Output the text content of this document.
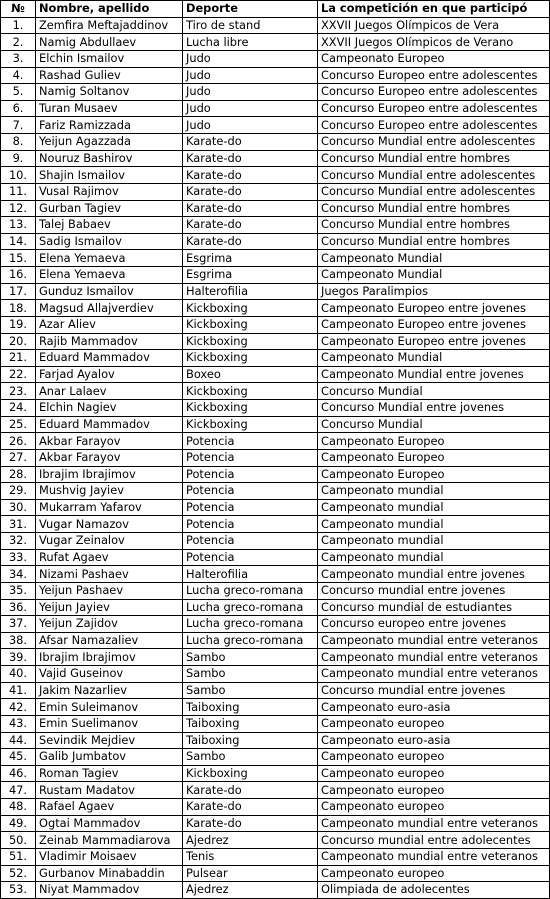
№	Nombre, apellido	Deporte	La competición en que participó
1.	Zemfira Meftajaddinov	Tiro de stand	XXVII Juegos Olímpicos de Vera
2.	Namig Abdullaev	Lucha libre	XXVII Juegos Olímpicos de Verano
3.	Elchin Ismailov	Judo	Campeonato Europeo
4.	Rashad Guliev	Judo	Concurso Europeo entre adolescentes
5.	Namig Soltanov	Judo	Concurso Europeo entre adolescentes
6.	Turan Musaev	Judo	Concurso Europeo entre adolescentes
7.	Fariz Ramizzada	Judo	Concurso Europeo entre adolescentes
8.	Yeijun Agazzada	Karate-do	Concurso Mundial entre adolescentes
9.	Nouruz Bashirov	Karate-do	Concurso Mundial entre hombres
10.	Shajin Ismailov	Karate-do	Concurso Mundial entre adolescentes
11.	Vusal Rajimov	Karate-do	Concurso Mundial entre adolescentes
12.	Gurban Tagiev	Karate-do	Concurso Mundial entre hombres
13.	Talej Babaev	Karate-do	Concurso Mundial entre hombres
14.	Sadig Ismailov	Karate-do	Concurso Mundial entre hombres
15.	Elena Yemaeva	Esgrima	Campeonato Mundial
16.	Elena Yemaeva	Esgrima	Campeonato Mundial
17.	Gunduz Ismailov	Halterofilia	Juegos Paralimpios
18.	Magsud Allajverdiev	Kickboxing	Campeonato Europeo entre jovenes
19.	Azar Aliev	Kickboxing	Campeonato Europeo entre jovenes
20.	Rajib Mammadov	Kickboxing	Campeonato Europeo entre jovenes
21.	Eduard Mammadov	Kickboxing	Campeonato Mundial
22.	Farjad Ayalov	Boxeo	Campeonato Mundial entre jovenes
23.	Anar Lalaev	Kickboxing	Concurso Mundial
24.	Elchin Nagiev	Kickboxing	Concurso Mundial entre jovenes
25.	Eduard Mammadov	Kickboxing	Concurso Mundial
26.	Akbar Farayov	Potencia	Campeonato Europeo
27.	Akbar Farayov	Potencia	Campeonato Europeo
28.	Ibrajim Ibrajimov	Potencia	Campeonato Europeo
29.	Mushvig Jayiev	Potencia	Campeonato mundial
30.	Mukarram Yafarov	Potencia	Campeonato mundial
31.	Vugar Namazov	Potencia	Campeonato mundial
32.	Vugar Zeinalov	Potencia	Campeonato mundial
33.	Rufat Agaev	Potencia	Campeonato mundial
34.	Nizami Pashaev	Halterofilia	Campeonato mundial entre jovenes
35.	Yeijun Pashaev	Lucha greco-romana	Concurso mundial entre jovenes
36.	Yeijun Jayiev	Lucha greco-romana	Concurso mundial de estudiantes
37.	Yeijun Zajidov	Lucha greco-romana	Concurso europeo entre jovenes
38.	Afsar Namazaliev	Lucha greco-romana	Campeonato mundial entre veteranos
39.	Ibrajim Ibrajimov	Sambo	Campeonato mundial entre veteranos
40.	Vajid Guseinov	Sambo	Campeonato mundial entre veteranos
41.	Jakim Nazarliev	Sambo	Concurso mundial entre jovenes
42.	Emin Suleimanov	Taiboxing	Campeonato euro-asia
43.	Emin Suelimanov	Taiboxing	Campeonato europeo
44.	Sevindik Mejdiev	Taiboxing	Campeonato euro-asia
45.	Galib Jumbatov	Sambo	Campeonato europeo
46.	Roman Tagiev	Kickboxing	Campeonato europeo
47.	Rustam Madatov	Karate-do	Campeonato europeo
48.	Rafael Agaev	Karate-do	Campeonato europeo
49.	Ogtai Mammadov	Karate-do	Campeonato mundial entre veteranos
50.	Zeinab Mammadiarova	Ajedrez	Concurso mundial entre adolecentes
51.	Vladimir Moisaev	Tenis	Campeonato mundial entre veteranos
52.	Gurbanov Minabaddin	Pulsear	Campeonato europeo
53.	Niyat Mammadov	Ajedrez	Olimpiada de adolecentes
